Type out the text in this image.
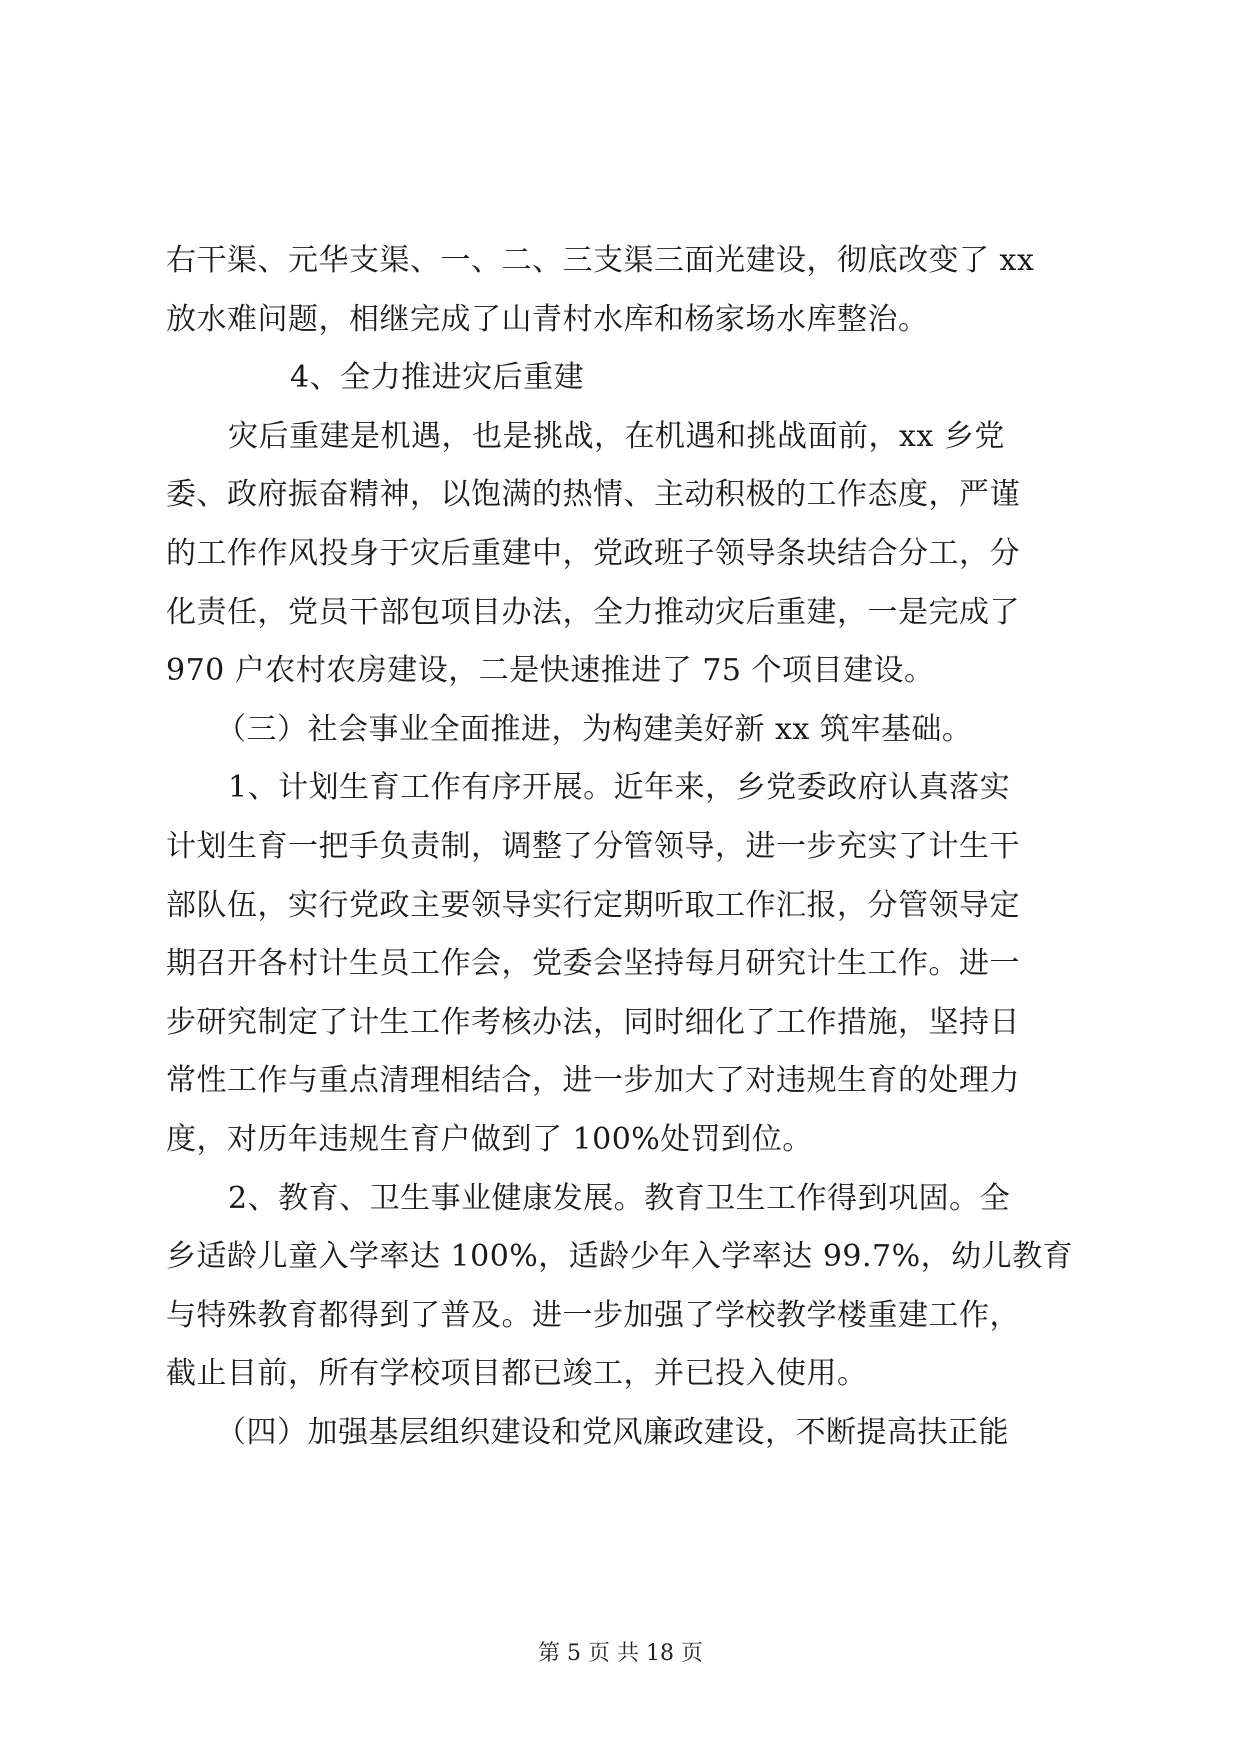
右干渠、元华支渠、一、二、三支渠三面光建设，彻底改变了 xx
放水难问题，相继完成了山青村水库和杨家场水库整治。
4、全力推进灾后重建
灾后重建是机遇，也是挑战，在机遇和挑战面前，xx 乡党
委、政府振奋精神，以饱满的热情、主动积极的工作态度，严谨
的工作作风投身于灾后重建中，党政班子领导条块结合分工，分
化责任，党员干部包项目办法，全力推动灾后重建，一是完成了
970 户农村农房建设，二是快速推进了 75 个项目建设。
（三）社会事业全面推进，为构建美好新 xx 筑牢基础。
1、计划生育工作有序开展。近年来，乡党委政府认真落实
计划生育一把手负责制，调整了分管领导，进一步充实了计生干
部队伍，实行党政主要领导实行定期听取工作汇报，分管领导定
期召开各村计生员工作会，党委会坚持每月研究计生工作。进一
步研究制定了计生工作考核办法，同时细化了工作措施，坚持日
常性工作与重点清理相结合，进一步加大了对违规生育的处理力
度，对历年违规生育户做到了 100%处罚到位。
2、教育、卫生事业健康发展。教育卫生工作得到巩固。全
乡适龄儿童入学率达 100%，适龄少年入学率达 99.7%，幼儿教育
与特殊教育都得到了普及。进一步加强了学校教学楼重建工作，
截止目前，所有学校项目都已竣工，并已投入使用。
（四）加强基层组织建设和党风廉政建设，不断提高扶正能
第 5 页 共 18 页
